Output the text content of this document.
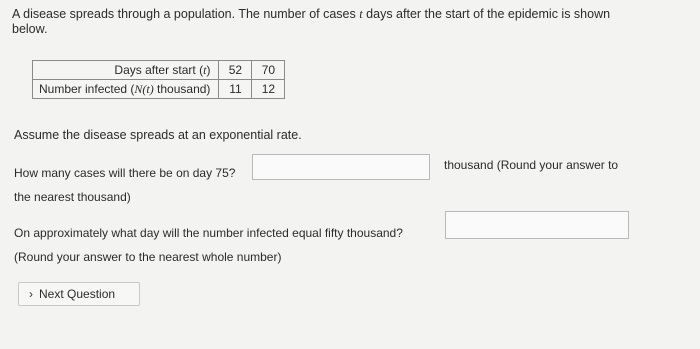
A disease spreads through a population. The number of cases t days after the start of the epidemic is shown
below.
Days after start (t)	52	70
Number infected (N(t) thousand)	11	12
Assume the disease spreads at an exponential rate.
How many cases will there be on day 75?
thousand (Round your answer to
the nearest thousand)
On approximately what day will the number infected equal fifty thousand?
(Round your answer to the nearest whole number)
› Next Question
